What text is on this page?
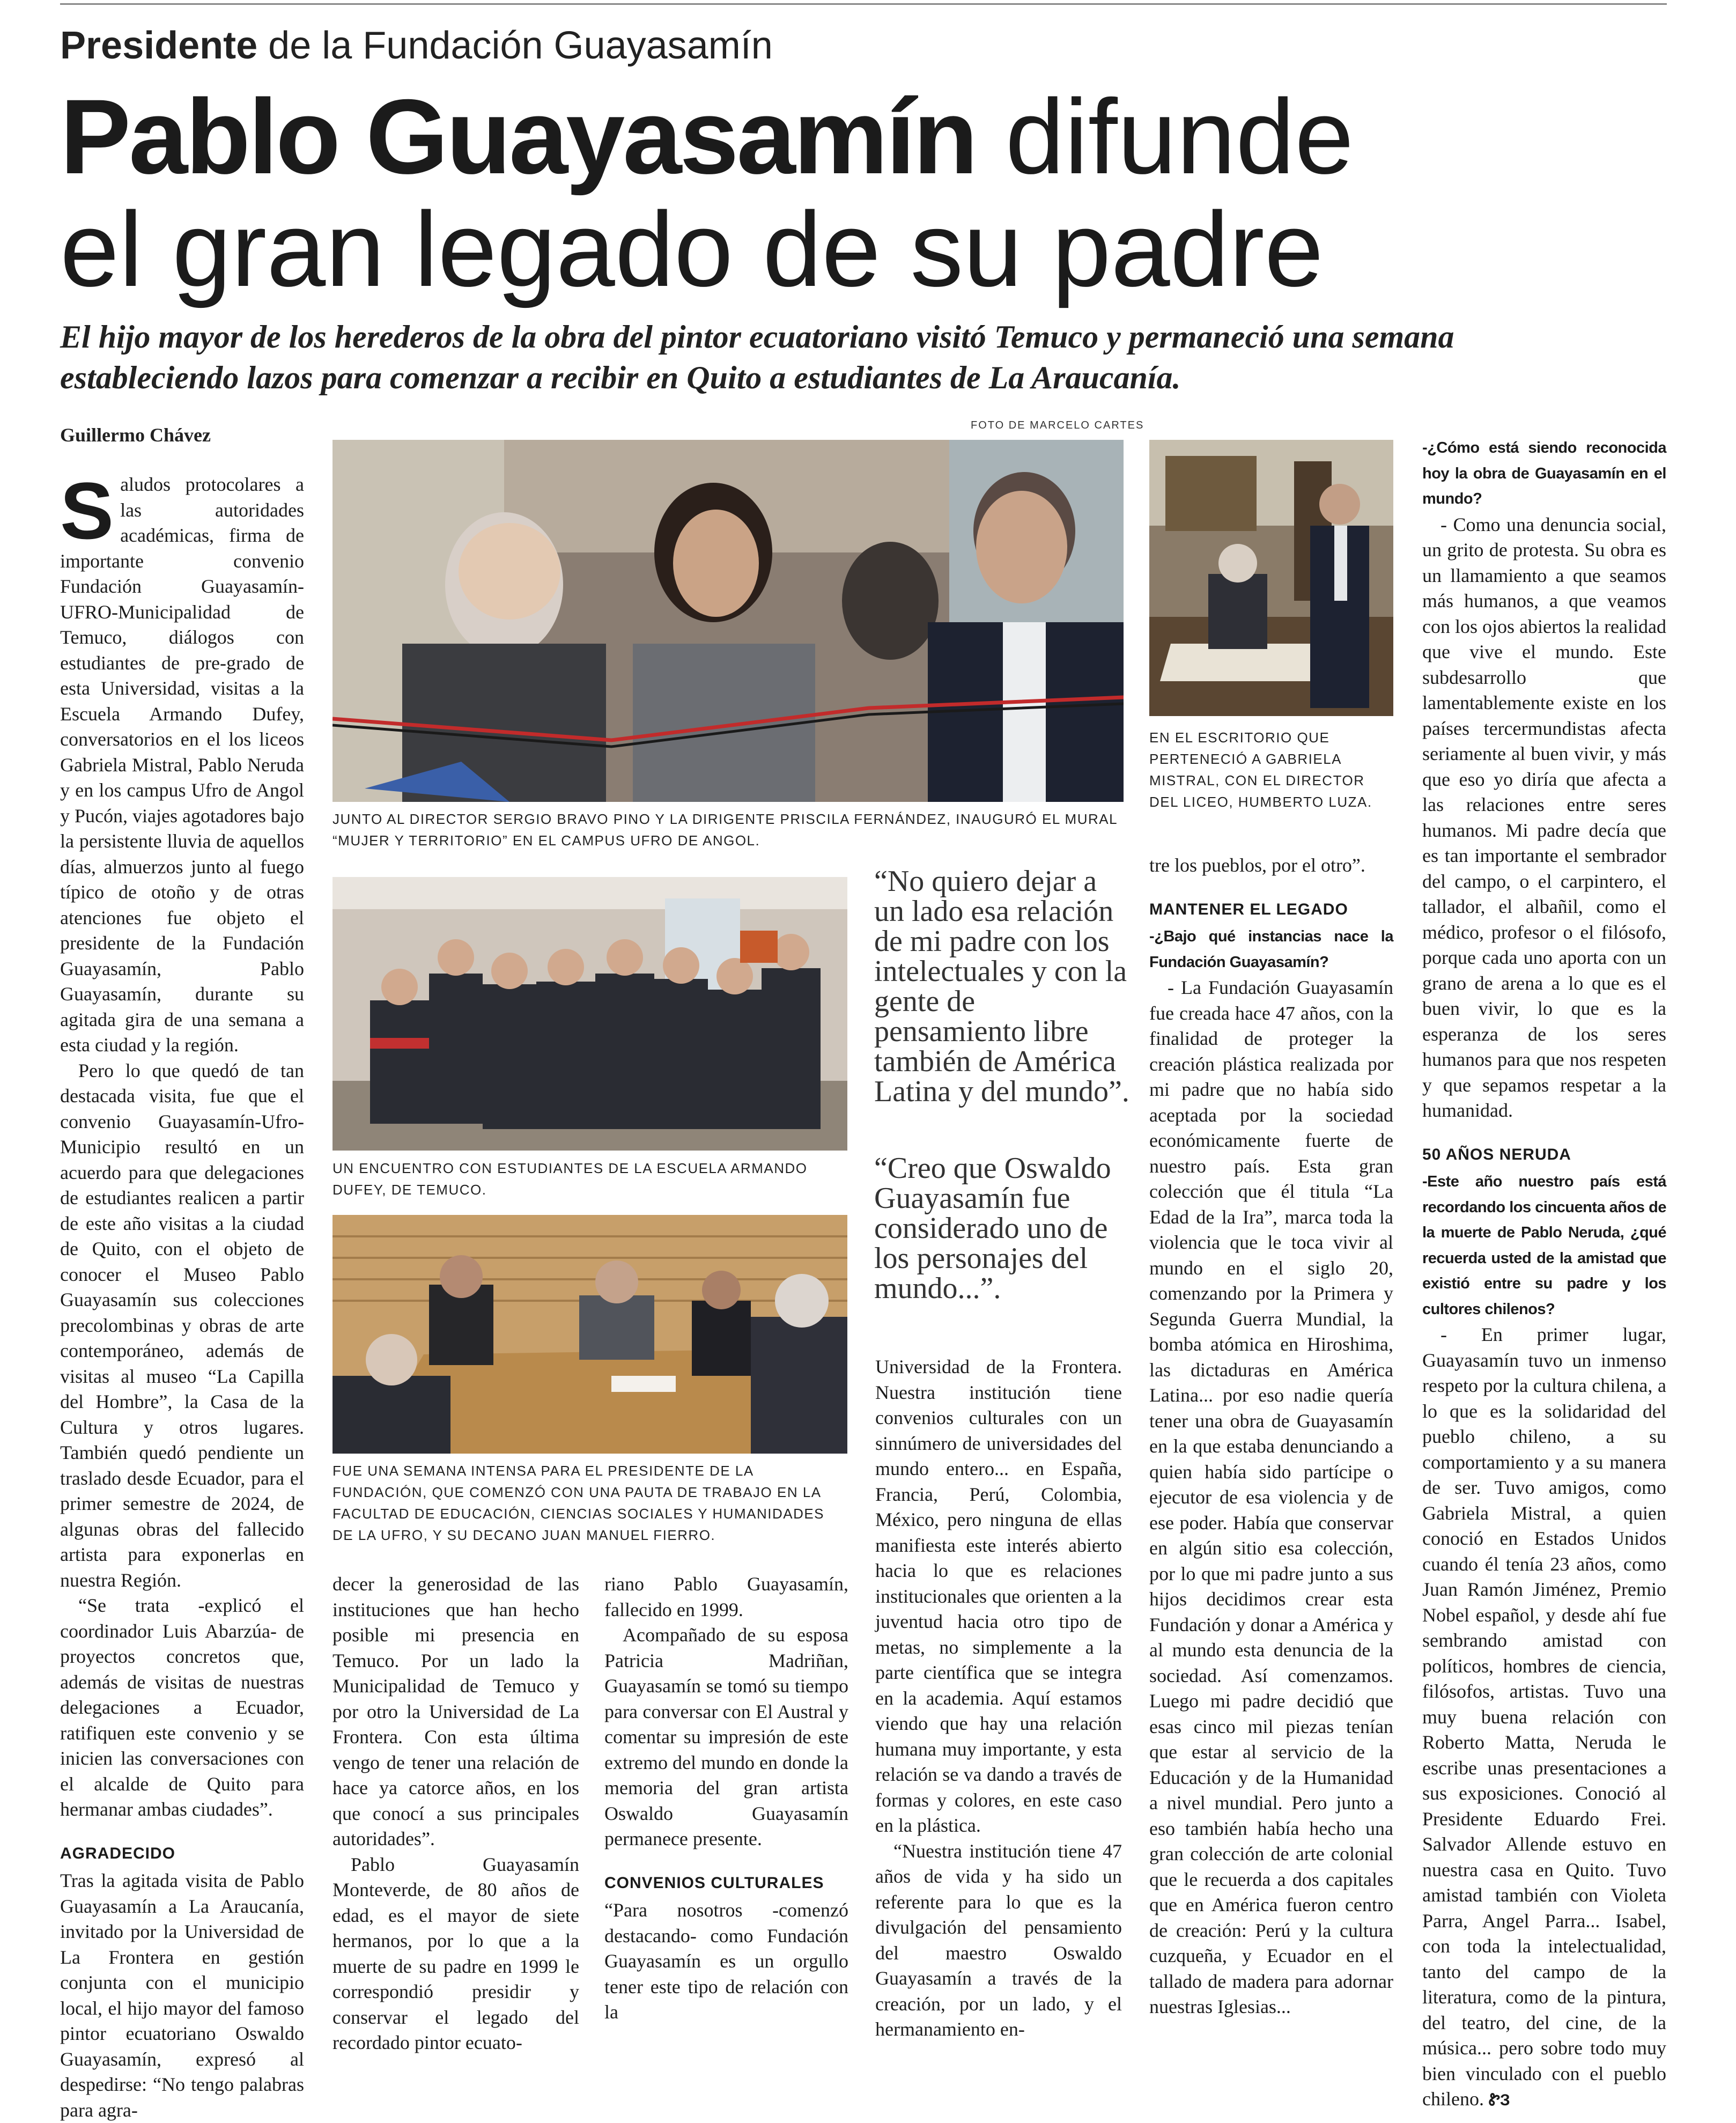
Presidente de la Fundación Guayasamín
Pablo Guayasamín difunde
el gran legado de su padre
El hijo mayor de los herederos de la obra del pintor ecuatoriano visitó Temuco y permaneció una semana estableciendo lazos para comenzar a recibir en Quito a estudiantes de La Araucanía.
Guillermo Chávez	FOTO DE MARCELO CARTES
JUNTO AL DIRECTOR SERGIO BRAVO PINO Y LA DIRIGENTE PRISCILA FERNÁNDEZ, INAUGURÓ EL MURAL “MUJER Y TERRITORIO” EN EL CAMPUS UFRO DE ANGOL.
UN ENCUENTRO CON ESTUDIANTES DE LA ESCUELA ARMANDO DUFEY, DE TEMUCO.
FUE UNA SEMANA INTENSA PARA EL PRESIDENTE DE LA FUNDACIÓN, QUE COMENZÓ CON UNA PAUTA DE TRABAJO EN LA FACULTAD DE EDUCACIÓN, CIENCIAS SOCIALES Y HUMANIDADES DE LA UFRO, Y SU DECANO JUAN MANUEL FIERRO.
EN EL ESCRITORIO QUE PERTENECIÓ A GABRIELA MISTRAL, CON EL DIRECTOR DEL LICEO, HUMBERTO LUZA.
“No quiero dejar a
un lado esa relación
de mi padre con los
intelectuales y con la
gente de
pensamiento libre
también de América
Latina y del mundo”.
“Creo que Oswaldo
Guayasamín fue
considerado uno de
los personajes del
mundo...”.

Saludos protocolares a las autoridades académicas, firma de importante convenio Fundación Guayasamín-UFRO-Municipalidad de Temuco, diálogos con estudiantes de pre-grado de esta Universidad, visitas a la Escuela Armando Dufey, conversatorios en el los liceos Gabriela Mistral, Pablo Neruda y en los campus Ufro de Angol y Pucón, viajes agotadores bajo la persistente lluvia de aquellos días, almuerzos junto al fuego típico de otoño y de otras atenciones fue objeto el presidente de la Fundación Guayasamín, Pablo Guayasamín, durante su agitada gira de una semana a esta ciudad y la región.

Pero lo que quedó de tan destacada visita, fue que el convenio Guayasamín-Ufro-Municipio resultó en un acuerdo para que delegaciones de estudiantes realicen a partir de este año visitas a la ciudad de Quito, con el objeto de conocer el Museo Pablo Guayasamín sus colecciones precolombinas y obras de arte contemporáneo, además de visitas al museo “La Capilla del Hombre”, la Casa de la Cultura y otros lugares. También quedó pendiente un traslado desde Ecuador, para el primer semestre de 2024, de algunas obras del fallecido artista para exponerlas en nuestra Región.

“Se trata -explicó el coordinador Luis Abarzúa- de proyectos concretos que, además de visitas de nuestras delegaciones a Ecuador, ratifiquen este convenio y se inicien las conversaciones con el alcalde de Quito para hermanar ambas ciudades”.

AGRADECIDO

Tras la agitada visita de Pablo Guayasamín a La Araucanía, invitado por la Universidad de La Frontera en gestión conjunta con el municipio local, el hijo mayor del famoso pintor ecuatoriano Oswaldo Guayasamín, expresó al despedirse: “No tengo palabras para agra-

decer la generosidad de las instituciones que han hecho posible mi presencia en Temuco. Por un lado la Municipalidad de Temuco y por otro la Universidad de La Frontera. Con esta última vengo de tener una relación de hace ya catorce años, en los que conocí a sus principales autoridades”.

Pablo Guayasamín Monteverde, de 80 años de edad, es el mayor de siete hermanos, por lo que a la muerte de su padre en 1999 le correspondió presidir y conservar el legado del recordado pintor ecuato-

riano Pablo Guayasamín, fallecido en 1999.

Acompañado de su esposa Patricia Madriñan, Guayasamín se tomó su tiempo para conversar con El Austral y comentar su impresión de este extremo del mundo en donde la memoria del gran artista Oswaldo Guayasamín permanece presente.

CONVENIOS CULTURALES

“Para nosotros -comenzó destacando- como Fundación Guayasamín es un orgullo tener este tipo de relación con la

Universidad de la Frontera. Nuestra institución tiene convenios culturales con un sinnúmero de universidades del mundo entero... en España, Francia, Perú, Colombia, México, pero ninguna de ellas manifiesta este interés abierto hacia lo que es relaciones institucionales que orienten a la juventud hacia otro tipo de metas, no simplemente a la parte científica que se integra en la academia. Aquí estamos viendo que hay una relación humana muy importante, y esta relación se va dando a través de formas y colores, en este caso en la plástica.

“Nuestra institución tiene 47 años de vida y ha sido un referente para lo que es la divulgación del pensamiento del maestro Oswaldo Guayasamín a través de la creación, por un lado, y el hermanamiento en-

tre los pueblos, por el otro”.

MANTENER EL LEGADO

-¿Bajo qué instancias nace la Fundación Guayasamín?

- La Fundación Guayasamín fue creada hace 47 años, con la finalidad de proteger la creación plástica realizada por mi padre que no había sido aceptada por la sociedad económicamente fuerte de nuestro país. Esta gran colección que él titula “La Edad de la Ira”, marca toda la violencia que le toca vivir al mundo en el siglo 20, comenzando por la Primera y Segunda Guerra Mundial, la bomba atómica en Hiroshima, las dictaduras en América Latina... por eso nadie quería tener una obra de Guayasamín en la que estaba denunciando a quien había sido partícipe o ejecutor de esa violencia y de ese poder. Había que conservar en algún sitio esa colección, por lo que mi padre junto a sus hijos decidimos crear esta Fundación y donar a América y al mundo esta denuncia de la sociedad. Así comenzamos. Luego mi padre decidió que esas cinco mil piezas tenían que estar al servicio de la Educación y de la Humanidad a nivel mundial. Pero junto a eso también había hecho una gran colección de arte colonial que le recuerda a dos capitales que en América fueron centro de creación: Perú y la cultura cuzqueña, y Ecuador en el tallado de madera para adornar nuestras Iglesias...

-¿Cómo está siendo reconocida hoy la obra de Guayasamín en el mundo?

- Como una denuncia social, un grito de protesta. Su obra es un llamamiento a que seamos más humanos, a que veamos con los ojos abiertos la realidad que vive el mundo. Este subdesarrollo que lamentablemente existe en los países tercermundistas afecta seriamente al buen vivir, y más que eso yo diría que afecta a las relaciones entre seres humanos. Mi padre decía que es tan importante el sembrador del campo, o el carpintero, el tallador, el albañil, como el médico, profesor o el filósofo, porque cada uno aporta con un grano de arena a lo que es el buen vivir, lo que es la esperanza de los seres humanos para que nos respeten y que sepamos respetar a la humanidad.

50 AÑOS NERUDA

-Este año nuestro país está recordando los cincuenta años de la muerte de Pablo Neruda, ¿qué recuerda usted de la amistad que existió entre su padre y los cultores chilenos?

- En primer lugar, Guayasamín tuvo un inmenso respeto por la cultura chilena, a lo que es la solidaridad del pueblo chileno, a su comportamiento y a su manera de ser. Tuvo amigos, como Gabriela Mistral, a quien conoció en Estados Unidos cuando él tenía 23 años, como Juan Ramón Jiménez, Premio Nobel español, y desde ahí fue sembrando amistad con políticos, hombres de ciencia, filósofos, artistas. Tuvo una muy buena relación con Roberto Matta, Neruda le escribe unas presentaciones a sus exposiciones. Conoció al Presidente Eduardo Frei. Salvador Allende estuvo en nuestra casa en Quito. Tuvo amistad también con Violeta Parra, Angel Parra... Isabel, con toda la intelectualidad, tanto del campo de la literatura, como de la pintura, del teatro, del cine, de la música... pero sobre todo muy bien vinculado con el pueblo chileno. ᏑЗ
